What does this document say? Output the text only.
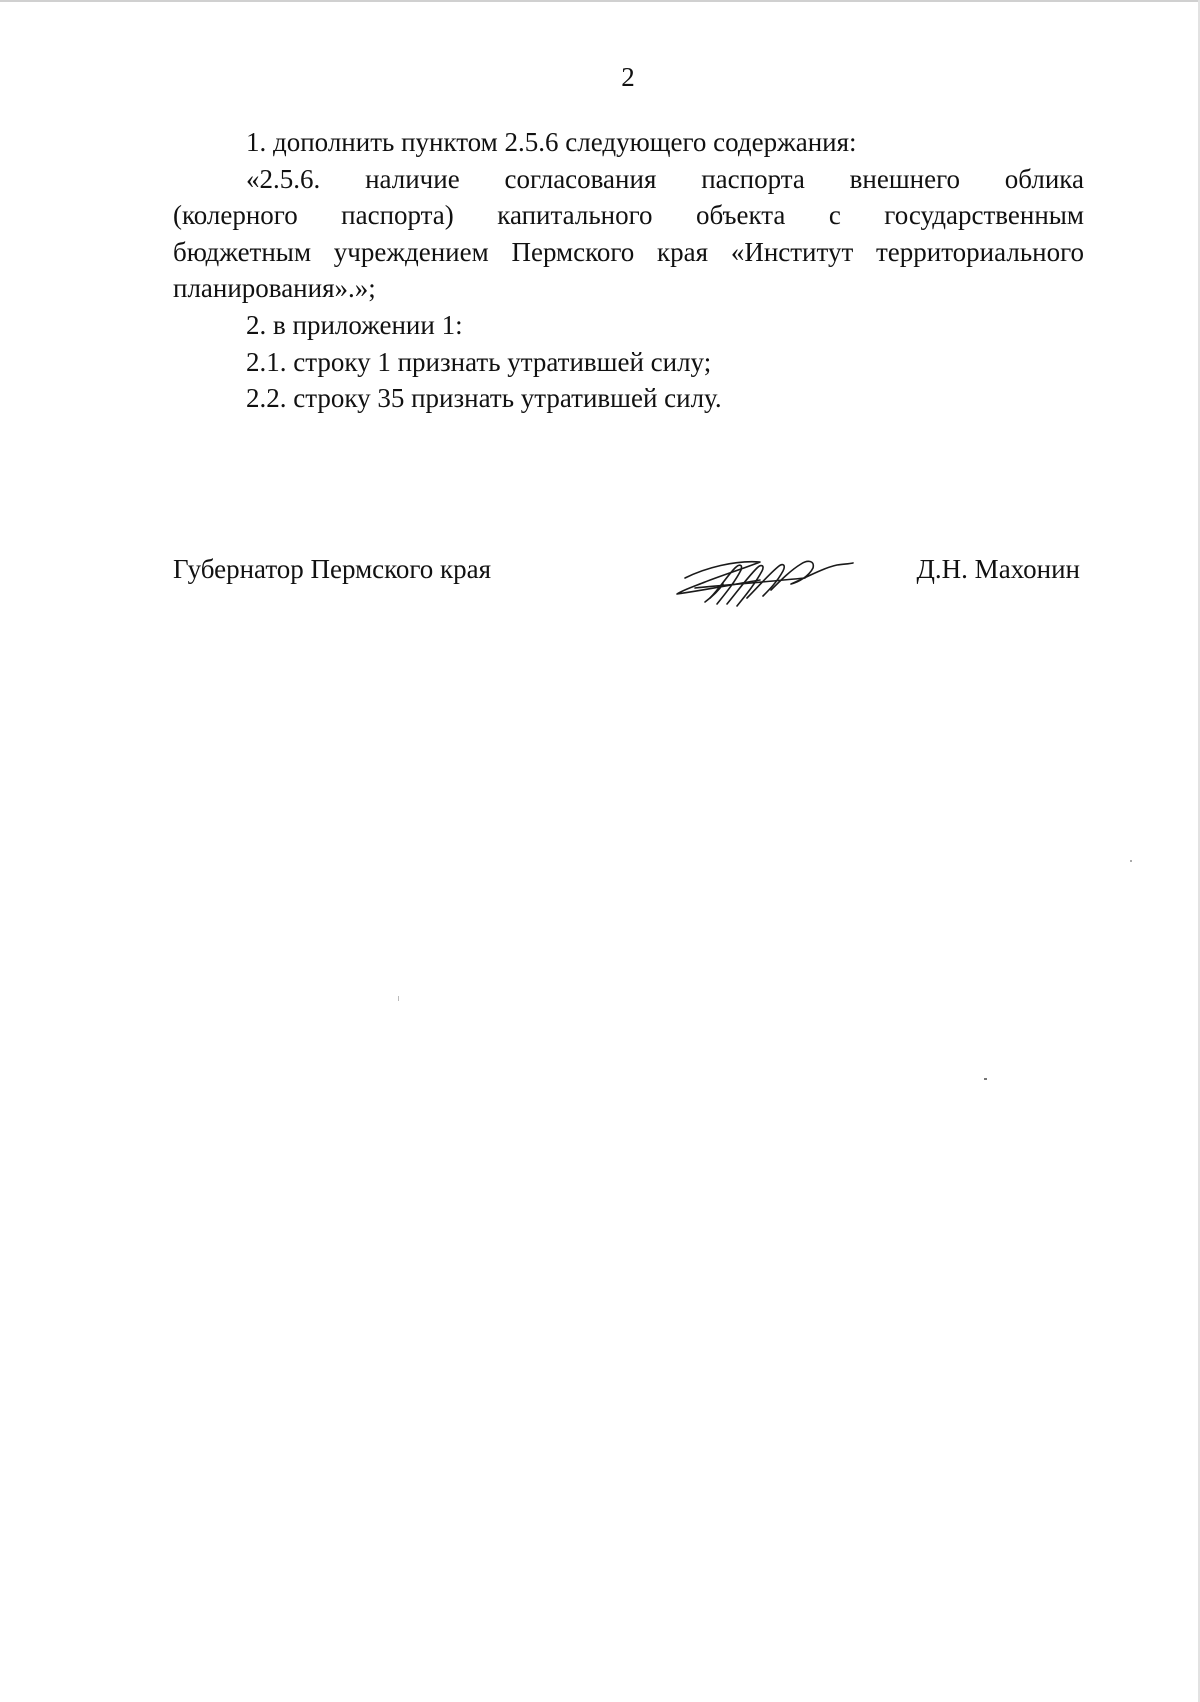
2

1. дополнить пунктом 2.5.6 следующего содержания:

«2.5.6. наличие согласования паспорта внешнего облика
(колерного паспорта) капитального объекта с государственным
бюджетным учреждением Пермского края «Институт территориального
планирования».»;

2. в приложении 1:

2.1. строку 1 признать утратившей силу;

2.2. строку 35 признать утратившей силу.

Губернатор Пермского края	Д.Н. Махонин
